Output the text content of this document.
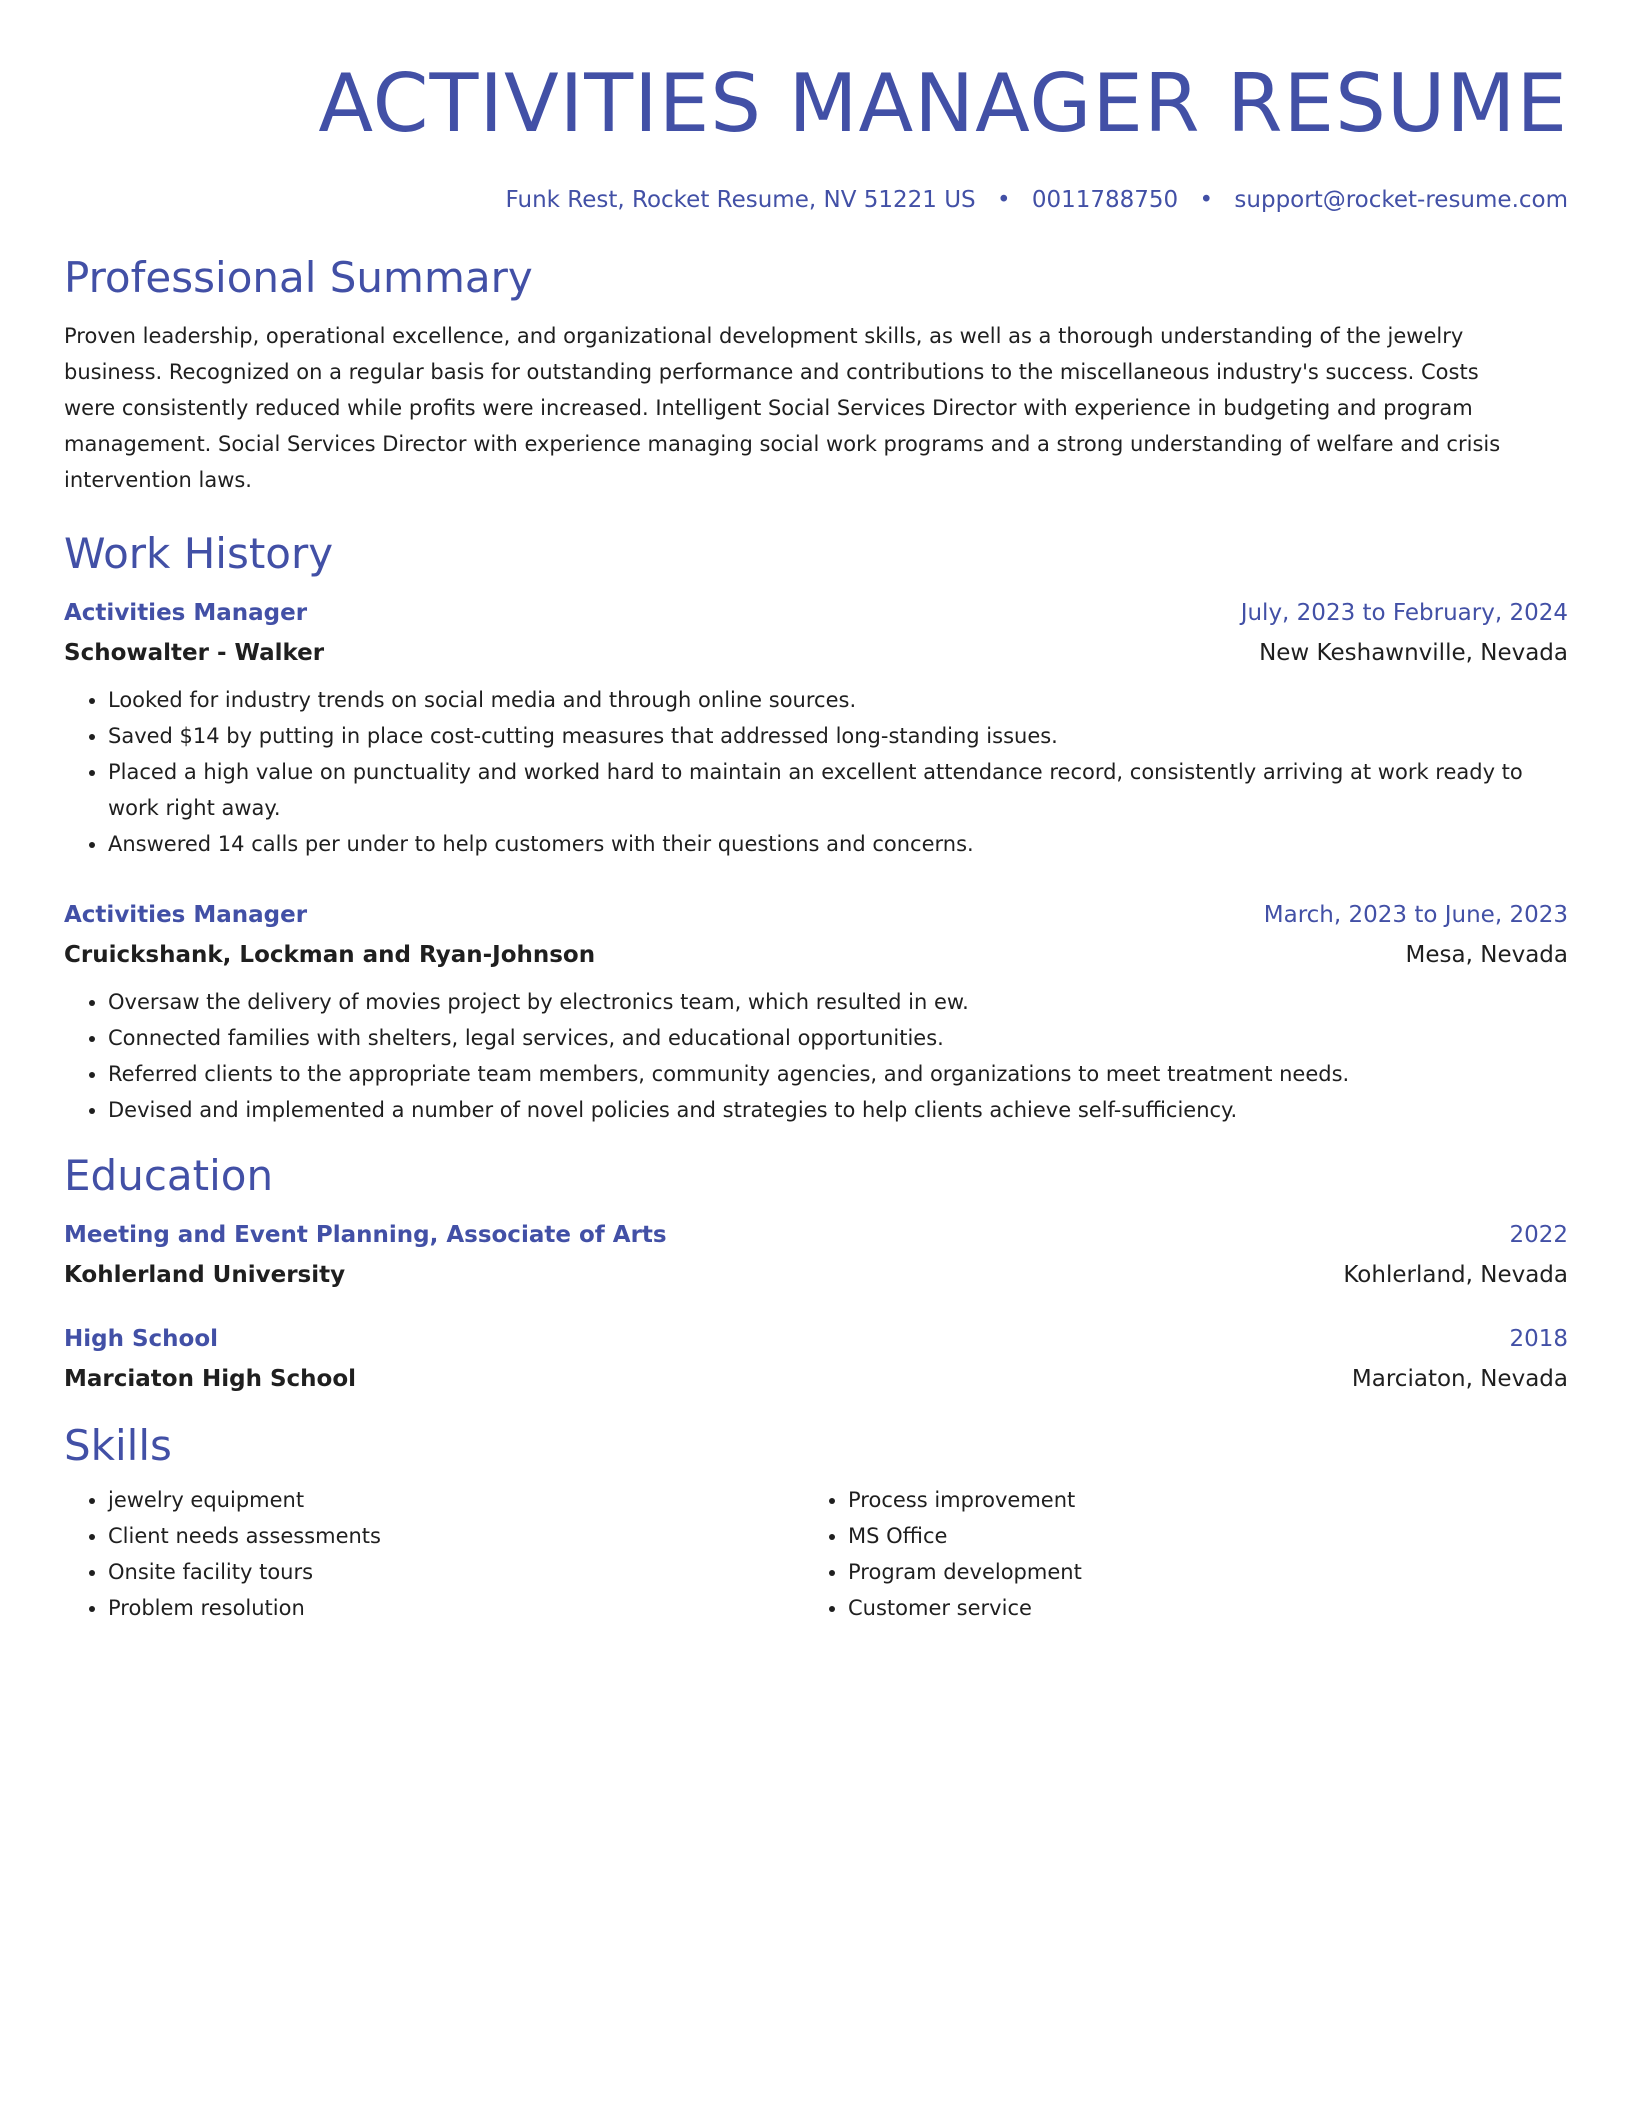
ACTIVITIES MANAGER RESUME
Funk Rest, Rocket Resume, NV 51221 US • 0011788750 • support@rocket-resume.com
Professional Summary
Proven leadership, operational excellence, and organizational development skills, as well as a thorough understanding of the jewelry business. Recognized on a regular basis for outstanding performance and contributions to the miscellaneous industry's success. Costs were consistently reduced while profits were increased. Intelligent Social Services Director with experience in budgeting and program management. Social Services Director with experience managing social work programs and a strong understanding of welfare and crisis intervention laws.
Work History
Activities Manager	July, 2023 to February, 2024
Schowalter - Walker	New Keshawnville, Nevada
• Looked for industry trends on social media and through online sources.
• Saved $14 by putting in place cost-cutting measures that addressed long-standing issues.
• Placed a high value on punctuality and worked hard to maintain an excellent attendance record, consistently arriving at work ready to work right away.
• Answered 14 calls per under to help customers with their questions and concerns.
Activities Manager	March, 2023 to June, 2023
Cruickshank, Lockman and Ryan-Johnson	Mesa, Nevada
• Oversaw the delivery of movies project by electronics team, which resulted in ew.
• Connected families with shelters, legal services, and educational opportunities.
• Referred clients to the appropriate team members, community agencies, and organizations to meet treatment needs.
• Devised and implemented a number of novel policies and strategies to help clients achieve self-sufficiency.
Education
Meeting and Event Planning, Associate of Arts	2022
Kohlerland University	Kohlerland, Nevada
High School	2018
Marciaton High School	Marciaton, Nevada
Skills
• jewelry equipment
• Client needs assessments
• Onsite facility tours
• Problem resolution
• Process improvement
• MS Office
• Program development
• Customer service
